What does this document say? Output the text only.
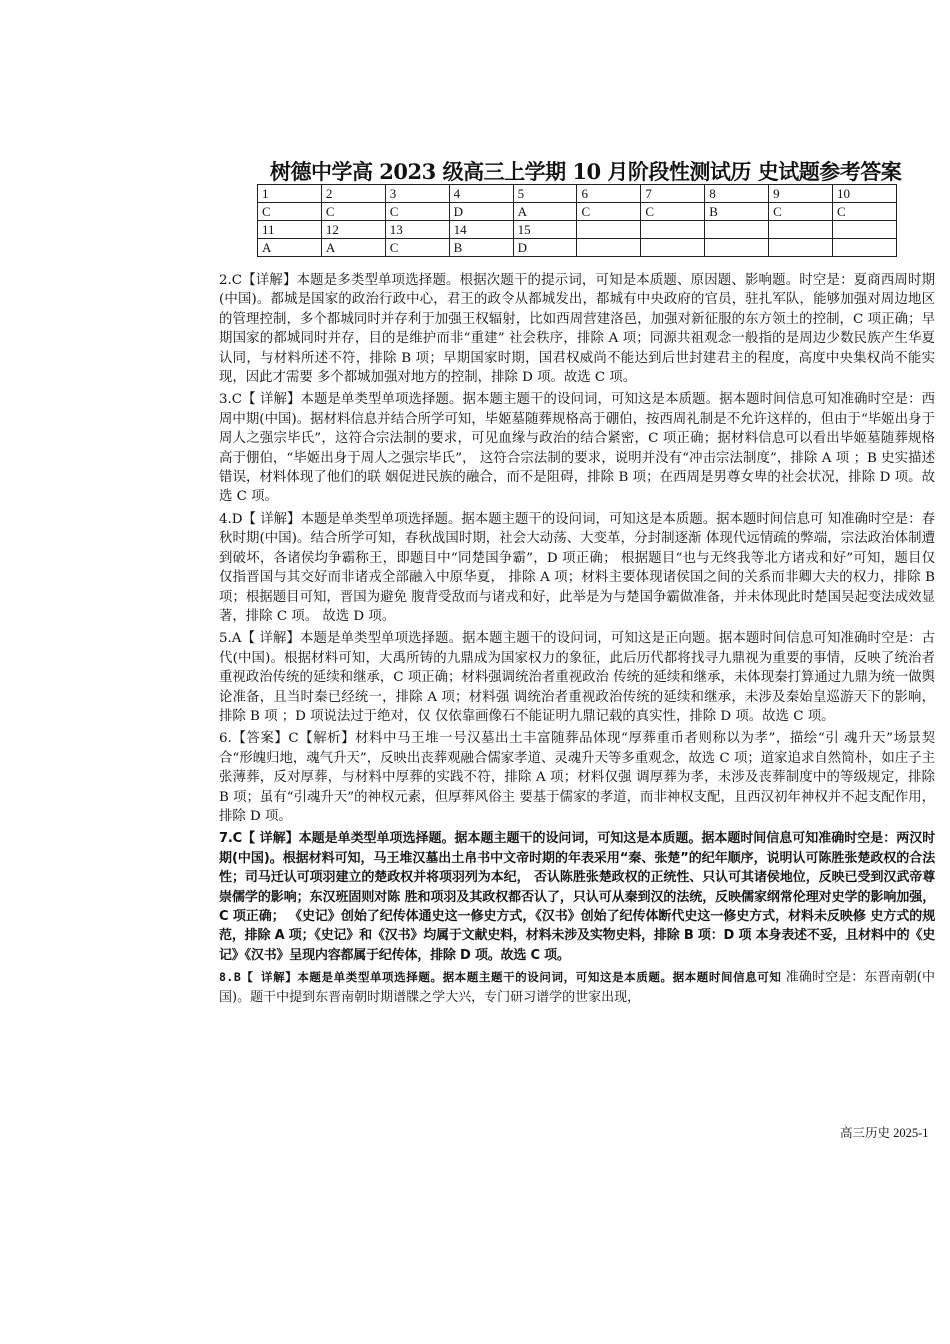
树德中学高 2023 级高三上学期 10 月阶段性测试历 史试题参考答案
1	2	3	4	5	6	7	8	9	10
C	C	C	D	A	C	C	B	C	C
11	12	13	14	15					
A	A	C	B	D					

2.C【详解】本题是多类型单项选择题。根据次题干的提示词，可知是本质题、原因题、影响题。时空是：夏商西周时期(中国)。都城是国家的政治行政中心，君王的政令从都城发出，都城有中央政府的官员，驻扎军队，能够加强对周边地区的管理控制，多个都城同时并存利于加强王权辐射，比如西周营建洛邑，加强对新征服的东方领土的控制，C 项正确；早期国家的都城同时并存，目的是维护而非“重建” 社会秩序，排除 A 项；同源共祖观念一般指的是周边少数民族产生华夏认同，与材料所述不符，排除 B 项；早期国家时期，国君权威尚不能达到后世封建君主的程度，高度中央集权尚不能实现，因此才需要 多个都城加强对地方的控制，排除 D 项。故选 C 项。

3.C【 详解】本题是单类型单项选择题。据本题主题干的设问词，可知这是本质题。据本题时间信息可知准确时空是：西周中期(中国)。据材料信息并结合所学可知，毕姬墓随葬规格高于硼伯，按西周礼制是不允许这样的，但由于“毕姬出身于周人之强宗毕氏”，这符合宗法制的要求，可见血缘与政治的结合紧密，C 项正确；据材料信息可以看出毕姬墓随葬规格高于倗伯，“毕姬出身于周人之强宗毕氏”， 这符合宗法制的要求，说明并没有“冲击宗法制度”，排除 A 项 ；B 史实描述错误，材料体现了他们的联 姻促进民族的融合，而不是阻碍，排除 B 项；在西周是男尊女卑的社会状况，排除 D 项。故选 C 项。

4.D【 详解】本题是单类型单项选择题。据本题主题干的设问词，可知这是本质题。据本题时间信息可 知准确时空是：春秋时期(中国)。结合所学可知，春秋战国时期，社会大动荡、大变革，分封制逐渐 体现代远情疏的弊端，宗法政治体制遭到破坏，各诸侯均争霸称王，即题目中“同楚国争霸”，D 项正确； 根据题目“也与无终我等北方诸戎和好”可知，题目仅仅指晋国与其交好而非诸戎全部融入中原华夏， 排除 A 项；材料主要体现诸侯国之间的关系而非卿大夫的权力，排除 B 项；根据题目可知，晋国为避免 腹背受敌而与诸戎和好，此举是为与楚国争霸做准备，并未体现此时楚国吴起变法成效显著，排除 C 项。 故选 D 项。

5.A【 详解】本题是单类型单项选择题。据本题主题干的设问词，可知这是正向题。据本题时间信息可知准确时空是：古代(中国)。根据材料可知，大禹所铸的九鼎成为国家权力的象征，此后历代都将找寻九鼎视为重要的事情，反映了统治者重视政治传统的延续和继承，C 项正确；材料强调统治者重视政治 传统的延续和继承，未体现秦打算通过九鼎为统一做舆论准备，且当时秦已经统一，排除 A 项；材料强 调统治者重视政治传统的延续和继承，未涉及秦始皇巡游天下的影响，排除 B 项 ；D 项说法过于绝对，仅 仅依靠画像石不能证明九鼎记载的真实性，排除 D 项。故选 C 项。

6.【答案】C【解析】材料中马王堆一号汉墓出土丰富随葬品体现“厚葬重币者则称以为孝”，描绘“引 魂升天”场景契合“形魄归地，魂气升天”，反映出丧葬观融合儒家孝道、灵魂升天等多重观念，故选 C 项；道家追求自然简朴，如庄子主张薄葬，反对厚葬，与材料中厚葬的实践不符，排除 A 项；材料仅强 调厚葬为孝，未涉及丧葬制度中的等级规定，排除 B 项；虽有“引魂升天”的神权元素，但厚葬风俗主 要基于儒家的孝道，而非神权支配，且西汉初年神权并不起支配作用，排除 D 项。

7.C【 详解】本题是单类型单项选择题。据本题主题干的设问词，可知这是本质题。据本题时间信息可知准确时空是：两汉时期(中国)。根据材料可知，马王堆汉墓出土帛书中文帝时期的年表采用“秦、张楚”的纪年顺序，说明认可陈胜张楚政权的合法性；司马迁认可项羽建立的楚政权并将项羽列为本纪， 否认陈胜张楚政权的正统性、只认可其诸侯地位，反映已受到汉武帝尊崇儒学的影响；东汉班固则对陈 胜和项羽及其政权都否认了，只认可从秦到汉的法统，反映儒家纲常伦理对史学的影响加强，C 项正确； 《史记》创始了纪传体通史这一修史方式，《汉书》创始了纪传体断代史这一修史方式，材料未反映修 史方式的规范，排除 A 项；《史记》和《汉书》均属于文献史料，材料未涉及实物史料，排除 B 项：D 项 本身表述不妥，且材料中的《史记》《汉书》呈现内容都属于纪传体，排除 D 项。故选 C 项。

8.B【 详解】本题是单类型单项选择题。据本题主题干的设问词，可知这是本质题。据本题时间信息可知 准确时空是：东晋南朝(中国)。题干中提到东晋南朝时期谱牒之学大兴，专门研习谱学的世家出现，

高三历史 2025-1
